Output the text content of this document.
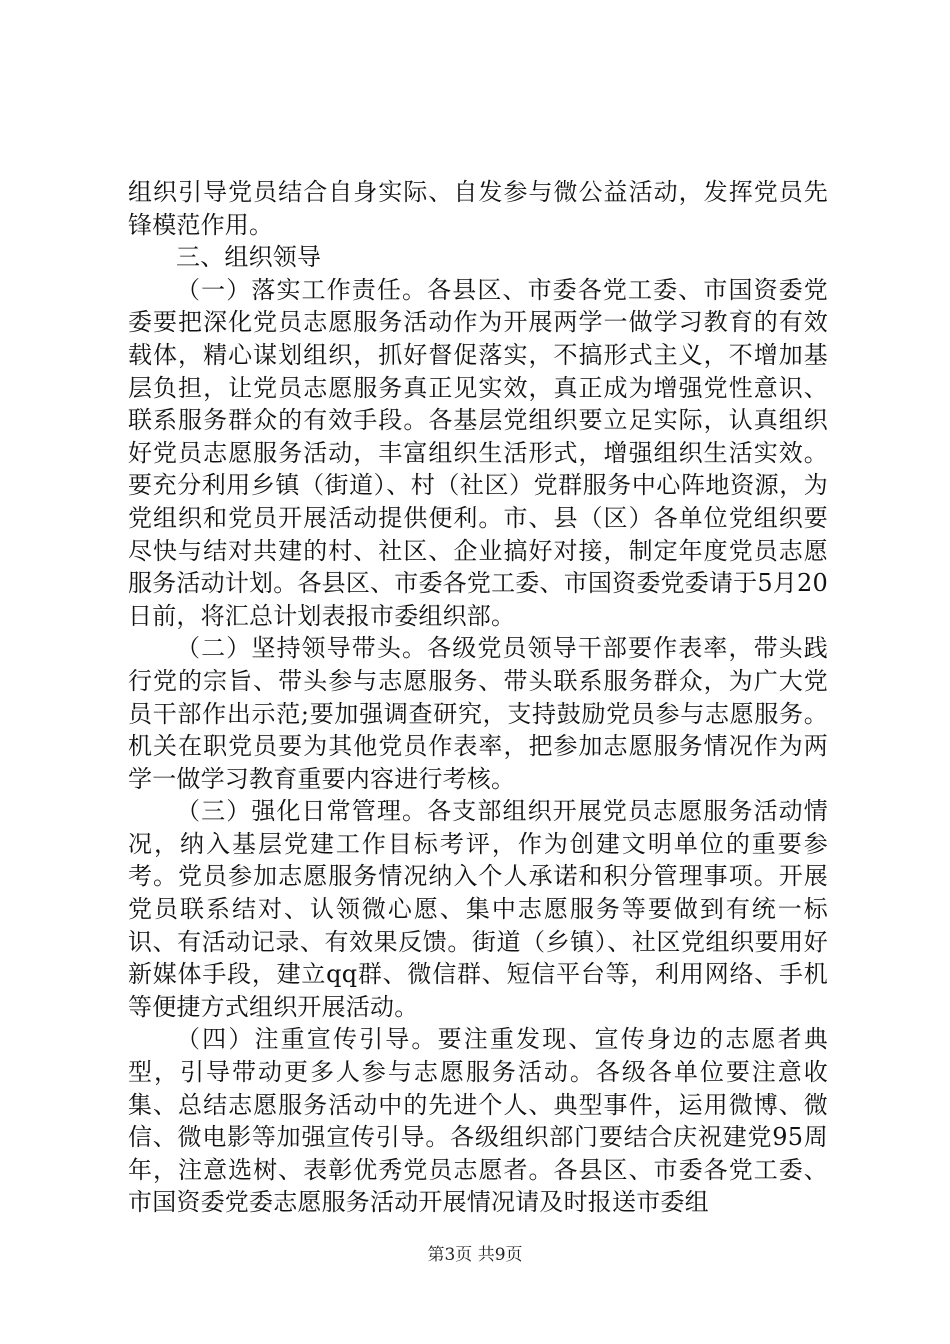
组织引导党员结合自身实际、自发参与微公益活动，发挥党员先锋模范作用。

三、组织领导

（一）落实工作责任。各县区、市委各党工委、市国资委党委要把深化党员志愿服务活动作为开展两学一做学习教育的有效载体，精心谋划组织，抓好督促落实，不搞形式主义，不增加基层负担，让党员志愿服务真正见实效，真正成为增强党性意识、联系服务群众的有效手段。各基层党组织要立足实际，认真组织好党员志愿服务活动，丰富组织生活形式，增强组织生活实效。要充分利用乡镇（街道）、村（社区）党群服务中心阵地资源，为党组织和党员开展活动提供便利。市、县（区）各单位党组织要尽快与结对共建的村、社区、企业搞好对接，制定年度党员志愿服务活动计划。各县区、市委各党工委、市国资委党委请于5月20日前，将汇总计划表报市委组织部。

（二）坚持领导带头。各级党员领导干部要作表率，带头践行党的宗旨、带头参与志愿服务、带头联系服务群众，为广大党员干部作出示范;要加强调查研究，支持鼓励党员参与志愿服务。机关在职党员要为其他党员作表率，把参加志愿服务情况作为两学一做学习教育重要内容进行考核。

（三）强化日常管理。各支部组织开展党员志愿服务活动情况，纳入基层党建工作目标考评，作为创建文明单位的重要参考。党员参加志愿服务情况纳入个人承诺和积分管理事项。开展党员联系结对、认领微心愿、集中志愿服务等要做到有统一标识、有活动记录、有效果反馈。街道（乡镇）、社区党组织要用好新媒体手段，建立qq群、微信群、短信平台等，利用网络、手机等便捷方式组织开展活动。

（四）注重宣传引导。要注重发现、宣传身边的志愿者典型，引导带动更多人参与志愿服务活动。各级各单位要注意收集、总结志愿服务活动中的先进个人、典型事件，运用微博、微信、微电影等加强宣传引导。各级组织部门要结合庆祝建党95周年，注意选树、表彰优秀党员志愿者。各县区、市委各党工委、市国资委党委志愿服务活动开展情况请及时报送市委组

第3页 共9页
